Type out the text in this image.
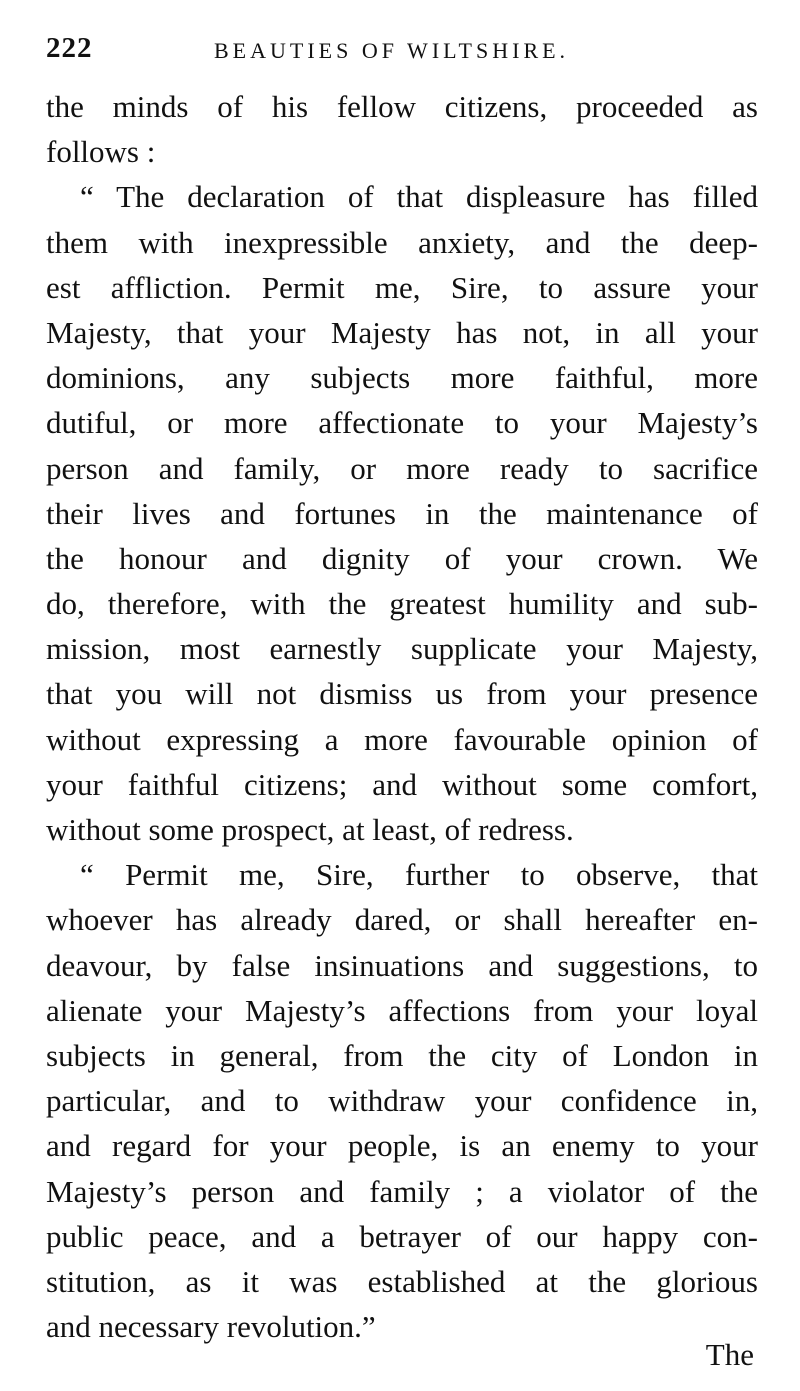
222	BEAUTIES OF WILTSHIRE.
the minds of his fellow citizens, proceeded as
follows :
“ The declaration of that displeasure has filled
them with inexpressible anxiety, and the deep-
est affliction. Permit me, Sire, to assure your
Majesty, that your Majesty has not, in all your
dominions, any subjects more faithful, more
dutiful, or more affectionate to your Majesty’s
person and family, or more ready to sacrifice
their lives and fortunes in the maintenance of
the honour and dignity of your crown. We
do, therefore, with the greatest humility and sub-
mission, most earnestly supplicate your Majesty,
that you will not dismiss us from your presence
without expressing a more favourable opinion of
your faithful citizens; and without some comfort,
without some prospect, at least, of redress.
“ Permit me, Sire, further to observe, that
whoever has already dared, or shall hereafter en-
deavour, by false insinuations and suggestions, to
alienate your Majesty’s affections from your loyal
subjects in general, from the city of London in
particular, and to withdraw your confidence in,
and regard for your people, is an enemy to your
Majesty’s person and family ; a violator of the
public peace, and a betrayer of our happy con-
stitution, as it was established at the glorious
and necessary revolution.”
The
